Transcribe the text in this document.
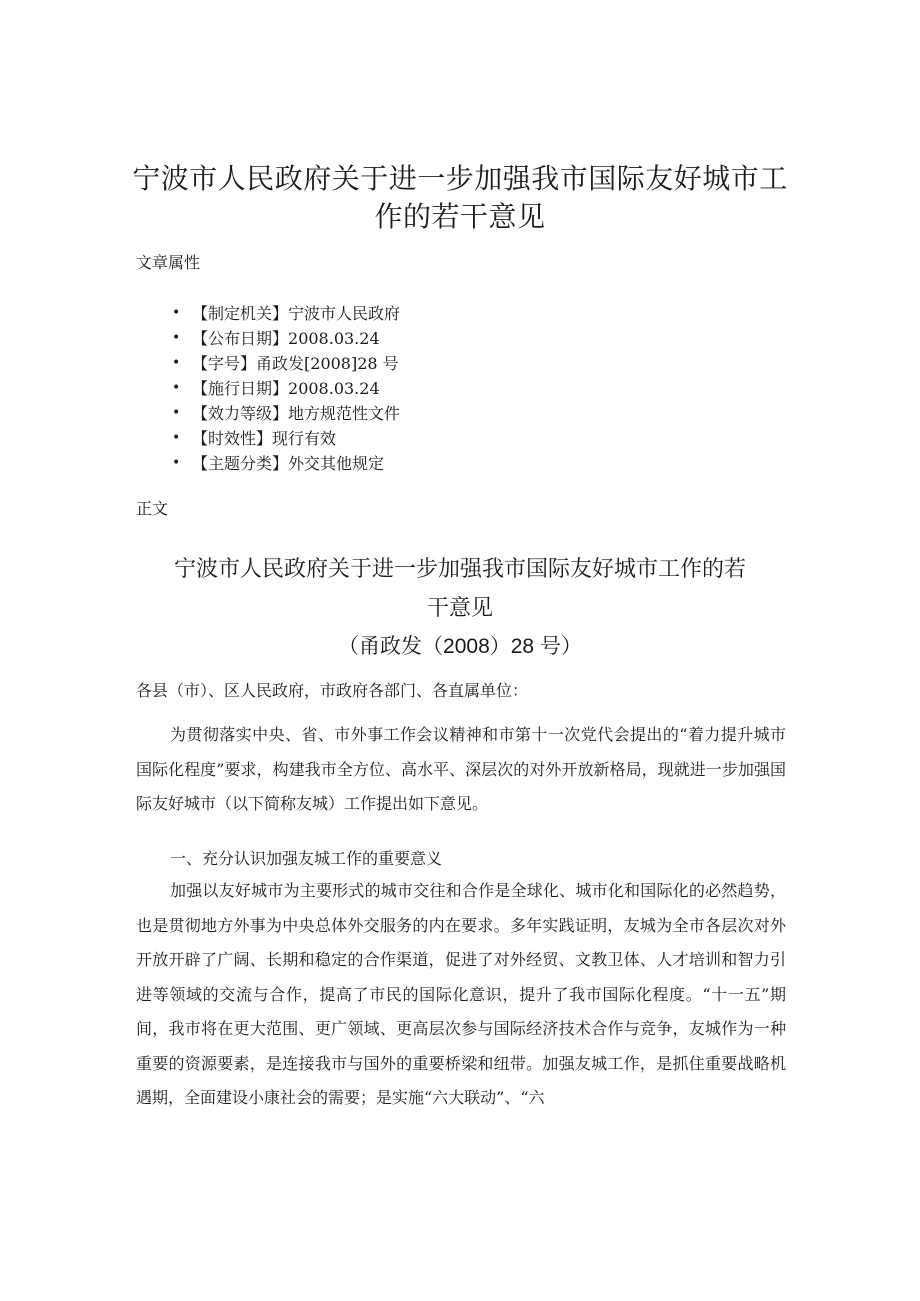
宁波市人民政府关于进一步加强我市国际友好城市工作的若干意见
文章属性
• 【制定机关】宁波市人民政府
• 【公布日期】2008.03.24
• 【字号】甬政发[2008]28 号
• 【施行日期】2008.03.24
• 【效力等级】地方规范性文件
• 【时效性】现行有效
• 【主题分类】外交其他规定
正文
宁波市人民政府关于进一步加强我市国际友好城市工作的若
干意见
（甬政发（2008）28 号）
各县（市）、区人民政府，市政府各部门、各直属单位：

为贯彻落实中央、省、市外事工作会议精神和市第十一次党代会提出的“着力提升城市国际化程度”要求，构建我市全方位、高水平、深层次的对外开放新格局，现就进一步加强国际友好城市（以下简称友城）工作提出如下意见。

一、充分认识加强友城工作的重要意义

加强以友好城市为主要形式的城市交往和合作是全球化、城市化和国际化的必然趋势，也是贯彻地方外事为中央总体外交服务的内在要求。多年实践证明，友城为全市各层次对外开放开辟了广阔、长期和稳定的合作渠道，促进了对外经贸、文教卫体、人才培训和智力引进等领域的交流与合作，提高了市民的国际化意识，提升了我市国际化程度。“十一五”期间，我市将在更大范围、更广领域、更高层次参与国际经济技术合作与竞争，友城作为一种重要的资源要素，是连接我市与国外的重要桥梁和纽带。加强友城工作，是抓住重要战略机遇期，全面建设小康社会的需要；是实施“六大联动”、“六
